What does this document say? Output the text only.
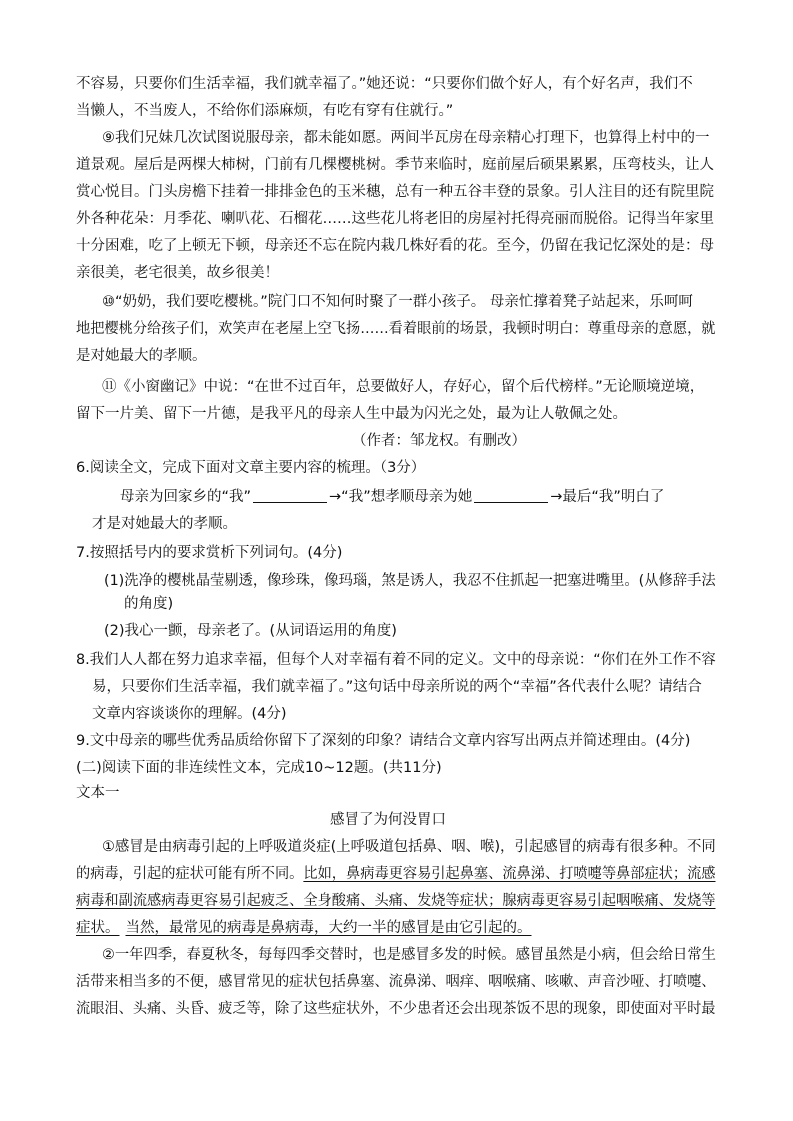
不容易，只要你们生活幸福，我们就幸福了。”她还说：“只要你们做个好人，有个好名声，我们不
当懒人，不当废人，不给你们添麻烦，有吃有穿有住就行。”
⑨我们兄妹几次试图说服母亲，都未能如愿。两间半瓦房在母亲精心打理下，也算得上村中的一
道景观。屋后是两棵大柿树，门前有几棵樱桃树。季节来临时，庭前屋后硕果累累，压弯枝头，让人
赏心悦目。门头房檐下挂着一排排金色的玉米穗，总有一种五谷丰登的景象。引人注目的还有院里院
外各种花朵：月季花、喇叭花、石榴花……这些花儿将老旧的房屋衬托得亮丽而脱俗。记得当年家里
十分困难，吃了上顿无下顿，母亲还不忘在院内栽几株好看的花。至今，仍留在我记忆深处的是：母
亲很美，老宅很美，故乡很美！
⑩“奶奶，我们要吃樱桃。”院门口不知何时聚了一群小孩子。 母亲忙撑着凳子站起来，乐呵呵
地把樱桃分给孩子们，欢笑声在老屋上空飞扬……看着眼前的场景，我顿时明白：尊重母亲的意愿，就
是对她最大的孝顺。
⑪《小窗幽记》中说：“在世不过百年，总要做好人，存好心，留个后代榜样。”无论顺境逆境，
留下一片美、留下一片德，是我平凡的母亲人生中最为闪光之处，最为让人敬佩之处。
（作者：邹龙权。有删改）
6.阅读全文，完成下面对文章主要内容的梳理。（3分）
母亲为回家乡的“我”	→“我”想孝顺母亲为她	→最后“我”明白了
才是对她最大的孝顺。
7.按照括号内的要求赏析下列词句。(4分)
(1)洗净的樱桃晶莹剔透，像珍珠，像玛瑙，煞是诱人，我忍不住抓起一把塞进嘴里。(从修辞手法
的角度)
(2)我心一颤，母亲老了。(从词语运用的角度)
8.我们人人都在努力追求幸福，但每个人对幸福有着不同的定义。文中的母亲说：“你们在外工作不容
易，只要你们生活幸福，我们就幸福了。”这句话中母亲所说的两个“幸福”各代表什么呢？请结合
文章内容谈谈你的理解。(4分)
9.文中母亲的哪些优秀品质给你留下了深刻的印象？请结合文章内容写出两点并简述理由。(4分)
(二)阅读下面的非连续性文本，完成10~12题。(共11分)
文本一
感冒了为何没胃口
①感冒是由病毒引起的上呼吸道炎症(上呼吸道包括鼻、咽、喉)，引起感冒的病毒有很多种。不同
的病毒，引起的症状可能有所不同。比如，鼻病毒更容易引起鼻塞、流鼻涕、打喷嚏等鼻部症状；流感
病毒和副流感病毒更容易引起疲乏、全身酸痛、头痛、发烧等症状；腺病毒更容易引起咽喉痛、发烧等
症状。 当然，最常见的病毒是鼻病毒，大约一半的感冒是由它引起的。
②一年四季，春夏秋冬，每每四季交替时，也是感冒多发的时候。感冒虽然是小病，但会给日常生
活带来相当多的不便，感冒常见的症状包括鼻塞、流鼻涕、咽痒、咽喉痛、咳嗽、声音沙哑、打喷嚏、
流眼泪、头痛、头昏、疲乏等，除了这些症状外，不少患者还会出现茶饭不思的现象，即使面对平时最
